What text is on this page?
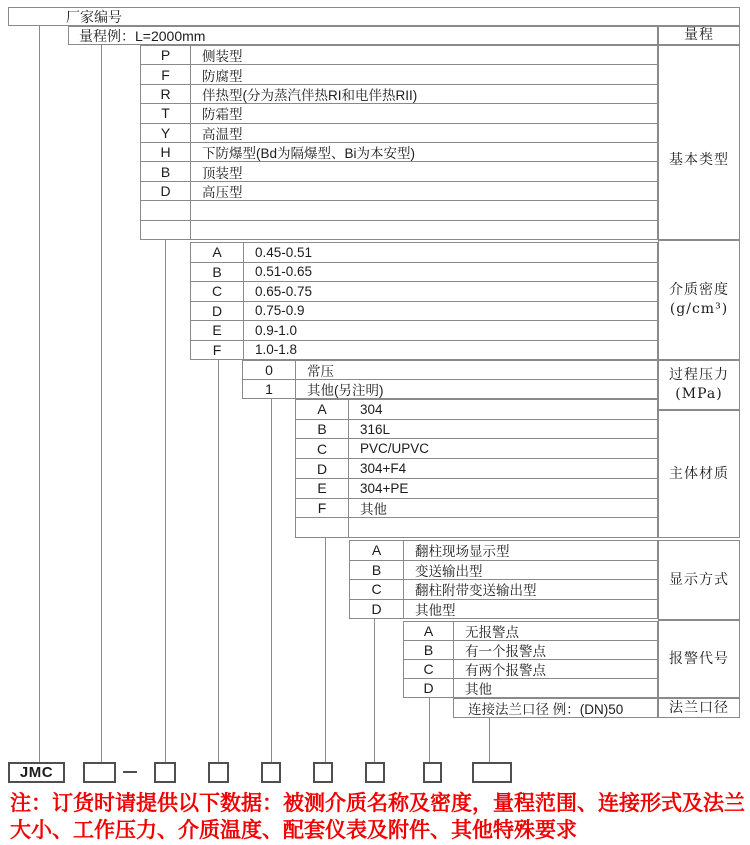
厂家编号
量程例：L=2000mm	量程
基本类型
介质密度
(g/cm³)
过程压力
(MPa)
主体材质
显示方式
报警代号
法兰口径
P	侧装型
F	防腐型
R	伴热型(分为蒸汽伴热RI和电伴热RII)
T	防霜型
Y	高温型
H	下防爆型(Bd为隔爆型、Bi为本安型)
B	顶装型
D	高压型
A	0.45-0.51
B	0.51-0.65
C	0.65-0.75
D	0.75-0.9
E	0.9-1.0
F	1.0-1.8
0	常压
1	其他(另注明)
A	304
B	316L
C	PVC/UPVC
D	304+F4
E	304+PE
F	其他
A	翻柱现场显示型
B	变送输出型
C	翻柱附带变送输出型
D	其他型
A	无报警点
B	有一个报警点
C	有两个报警点
D	其他
连接法兰口径 例：(DN)50
JMC
注：订货时请提供以下数据：被测介质名称及密度，量程范围、连接形式及法兰大小、工作压力、介质温度、配套仪表及附件、其他特殊要求
